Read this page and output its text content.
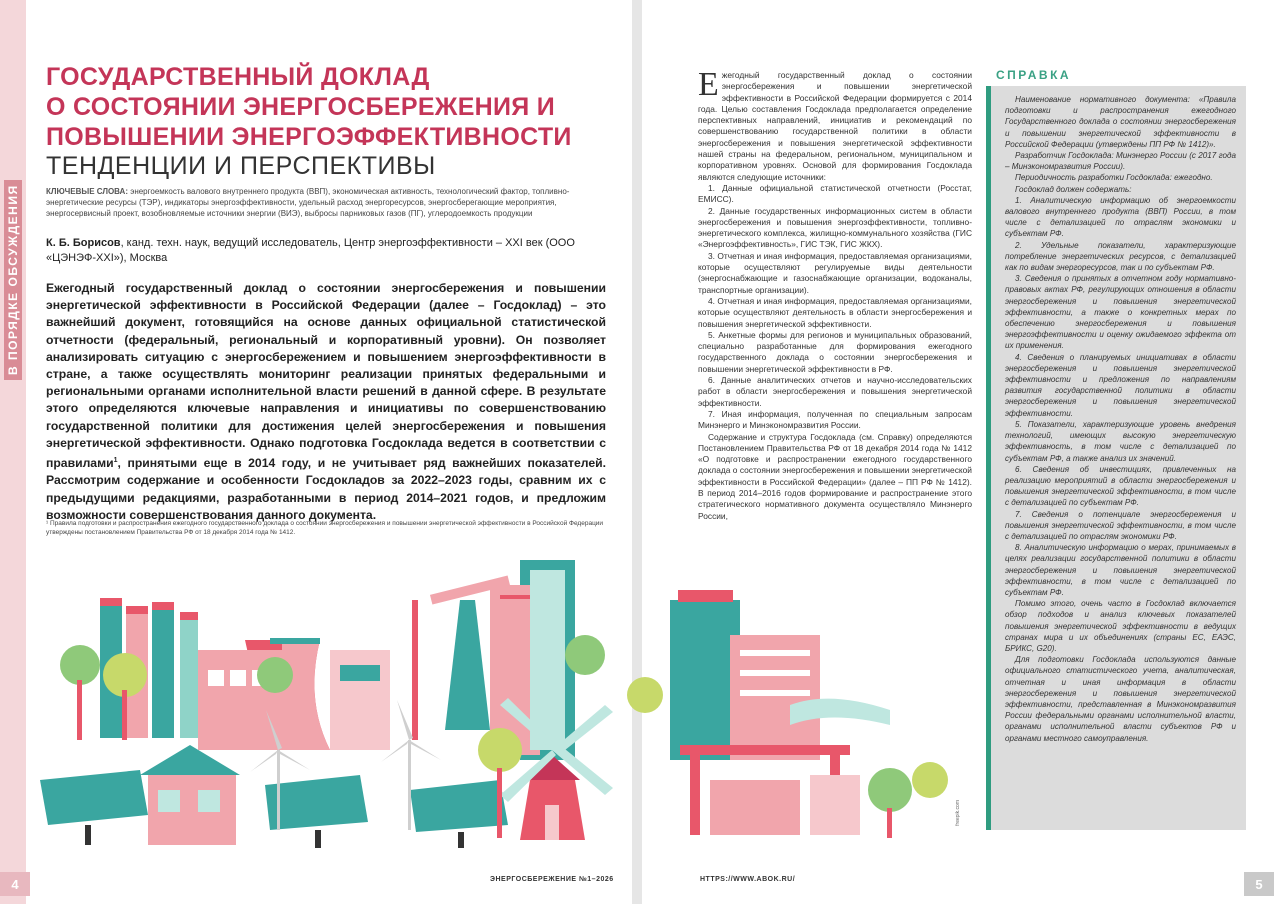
В ПОРЯДКЕ ОБСУЖДЕНИЯ
ГОСУДАРСТВЕННЫЙ ДОКЛАД
О СОСТОЯНИИ ЭНЕРГОСБЕРЕЖЕНИЯ И
ПОВЫШЕНИИ ЭНЕРГОЭФФЕКТИВНОСТИ
ТЕНДЕНЦИИ И ПЕРСПЕКТИВЫ
КЛЮЧЕВЫЕ СЛОВА: энергоемкость валового внутреннего продукта (ВВП), экономическая активность, технологический фактор, топливно-энергетические ресурсы (ТЭР), индикаторы энергоэффективности, удельный расход энергоресурсов, энергосберегающие мероприятия, энергосервисный проект, возобновляемые источники энергии (ВИЭ), выбросы парниковых газов (ПГ), углеродоемкость продукции
К. Б. Борисов, канд. техн. наук, ведущий исследователь, Центр энергоэффективности – XXI век (ООО «ЦЭНЭФ-XXI»), Москва
Ежегодный государственный доклад о состоянии энергосбережения и повышении энергетической эффективности в Российской Федерации (далее – Госдоклад) – это важнейший документ, готовящийся на основе данных официальной статистической отчетности (федеральный, региональный и корпоративный уровни). Он позволяет анализировать ситуацию с энергосбережением и повышением энергоэффективности в стране, а также осуществлять мониторинг реализации принятых федеральными и региональными органами исполнительной власти решений в данной сфере. В результате этого определяются ключевые направления и инициативы по совершенствованию государственной политики для достижения целей энергосбережения и повышения энергетической эффективности. Однако подготовка Госдоклада ведется в соответствии с правилами$^1$, принятыми еще в 2014 году, и не учитывает ряд важнейших показателей. Рассмотрим содержание и особенности Госдокладов за 2022–2023 годы, сравним их с предыдущими редакциями, разработанными в период 2014–2021 годов, и предложим возможности совершенствования данного документа.
¹ Правила подготовки и распространения ежегодного государственного доклада о состоянии энергосбережения и повышении энергетической эффективности в Российской Федерации утверждены постановлением Правительства РФ от 18 декабря 2014 года № 1412.
4	ЭНЕРГОСБЕРЕЖЕНИЕ №1–2026

Ежегодный государственный доклад о состоянии энергосбережения и повышении энергетической эффективности в Российской Федерации формируется с 2014 года. Целью составления Госдоклада предполагается определение перспективных направлений, инициатив и рекомендаций по совершенствованию государственной политики в области энергосбережения и повышения энергетической эффективности нашей страны на федеральном, региональном, муниципальном и корпоративном уровнях. Основой для формирования Госдоклада являются следующие источники:

1. Данные официальной статистической отчетности (Росстат, ЕМИСС).

2. Данные государственных информационных систем в области энергосбережения и повышения энергоэффективности, топливно-энергетического комплекса, жилищно-коммунального хозяйства (ГИС «Энергоэффективность», ГИС ТЭК, ГИС ЖКХ).

3. Отчетная и иная информация, предоставляемая организациями, которые осуществляют регулируемые виды деятельности (энергоснабжающие и газоснабжающие организации, водоканалы, транспортные организации).

4. Отчетная и иная информация, предоставляемая организациями, которые осуществляют деятельность в области энергосбережения и повышения энергетической эффективности.

5. Анкетные формы для регионов и муниципальных образований, специально разработанные для формирования ежегодного государственного доклада о состоянии энергосбережения и повышении энергетической эффективности в РФ.

6. Данные аналитических отчетов и научно-исследовательских работ в области энергосбережения и повышения энергетической эффективности.

7. Иная информация, полученная по специальным запросам Минэнерго и Минэкономразвития России.

Содержание и структура Госдоклада (см. Справку) определяются Постановлением Правительства РФ от 18 декабря 2014 года № 1412 «О подготовке и распространении ежегодного государственного доклада о состоянии энергосбережения и повышении энергетической эффективности в Российской Федерации» (далее – ПП РФ № 1412). В период 2014–2016 годов формирование и распространение этого стратегического нормативного документа осуществляло Минэнерго России,

СПРАВКА

Наименование нормативного документа: «Правила подготовки и распространения ежегодного Государственного доклада о состоянии энергосбережения и повышении энергетической эффективности в Российской Федерации (утверждены ПП РФ № 1412)».

Разработчик Госдоклада: Минэнерго России (с 2017 года – Минэкономразвития России).

Периодичность разработки Госдоклада: ежегодно.

Госдоклад должен содержать:

1. Аналитическую информацию об энергоемкости валового внутреннего продукта (ВВП) России, в том числе с детализацией по отраслям экономики и субъектам РФ.

2. Удельные показатели, характеризующие потребление энергетических ресурсов, с детализацией как по видам энергоресурсов, так и по субъектам РФ.

3. Сведения о принятых в отчетном году нормативно-правовых актах РФ, регулирующих отношения в области энергосбережения и повышения энергетической эффективности, а также о конкретных мерах по обеспечению энергосбережения и повышения энергоэффективности и оценку ожидаемого эффекта от их применения.

4. Сведения о планируемых инициативах в области энергосбережения и повышения энергетической эффективности и предложения по направлениям развития государственной политики в области энергосбережения и повышения энергетической эффективности.

5. Показатели, характеризующие уровень внедрения технологий, имеющих высокую энергетическую эффективность, в том числе с детализацией по субъектам РФ, а также анализ их значений.

6. Сведения об инвестициях, привлеченных на реализацию мероприятий в области энергосбережения и повышения энергетической эффективности, в том числе с детализацией по субъектам РФ.

7. Сведения о потенциале энергосбережения и повышения энергетической эффективности, в том числе с детализацией по отраслям экономики РФ.

8. Аналитическую информацию о мерах, принимаемых в целях реализации государственной политики в области энергосбережения и повышения энергетической эффективности, в том числе с детализацией по субъектам РФ.

Помимо этого, очень часто в Госдоклад включается обзор подходов и анализ ключевых показателей повышения энергетической эффективности в ведущих странах мира и их объединениях (страны ЕС, ЕАЭС, БРИКС, G20).

Для подготовки Госдоклада используются данные официального статистического учета, аналитическая, отчетная и иная информация в области энергосбережения и повышения энергетической эффективности, представленная в Минэкономразвития России федеральными органами исполнительной власти, органами исполнительной власти субъектов РФ и органами местного самоуправления.

5
HTTPS://WWW.ABOK.RU/
freepik.com
